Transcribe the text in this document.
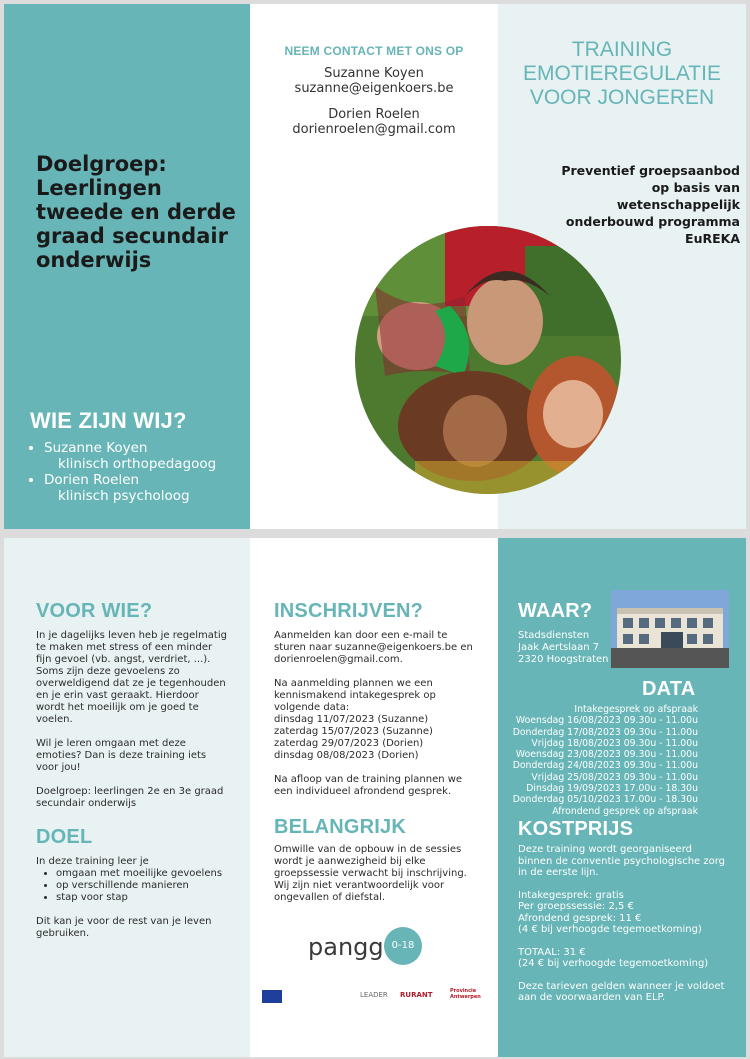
Doelgroep: Leerlingen tweede en derde graad secundair onderwijs
WIE ZIJN WIJ?
• Suzanne Koyen
klinisch orthopedagoog
• Dorien Roelen
klinisch psycholoog
NEEM CONTACT MET ONS OP
Suzanne Koyen
suzanne@eigenkoers.be
Dorien Roelen
dorienroelen@gmail.com
TRAINING
EMOTIEREGULATIE
VOOR JONGEREN
Preventief groepsaanbod
op basis van
wetenschappelijk
onderbouwd programma
EuREKA
VOOR WIE?

In je dagelijks leven heb je regelmatig te maken met stress of een minder fijn gevoel (vb. angst, verdriet, ...). Soms zijn deze gevoelens zo overweldigend dat ze je tegenhouden en je erin vast geraakt. Hierdoor wordt het moeilijk om je goed te voelen.

Wil je leren omgaan met deze emoties? Dan is deze training iets voor jou!

Doelgroep: leerlingen 2e en 3e graad secundair onderwijs

DOEL

In deze training leer je

• omgaan met moeilijke gevoelens
• op verschillende manieren
• stap voor stap

Dit kan je voor de rest van je leven gebruiken.

INSCHRIJVEN?

Aanmelden kan door een e-mail te sturen naar suzanne@eigenkoers.be en dorienroelen@gmail.com.

Na aanmelding plannen we een kennismakend intakegesprek op volgende data:

dinsdag 11/07/2023 (Suzanne)

zaterdag 15/07/2023 (Suzanne)

zaterdag 29/07/2023 (Dorien)

dinsdag 08/08/2023 (Dorien)

Na afloop van de training plannen we een individueel afrondend gesprek.

BELANGRIJK
Omwille van de opbouw in de sessies wordt je aanwezigheid bij elke groepssessie verwacht bij inschrijving. Wij zijn niet verantwoordelijk voor ongevallen of diefstal.
pangg 0-18
LEADER RURANT	Provincie Antwerpen
WAAR?
Stadsdiensten
Jaak Aertslaan 7
2320 Hoogstraten
DATA
Intakegesprek op afspraak
Woensdag 16/08/2023 09.30u - 11.00u
Donderdag 17/08/2023 09.30u - 11.00u
Vrijdag 18/08/2023 09.30u - 11.00u
Woensdag 23/08/2023 09.30u - 11.00u
Donderdag 24/08/2023 09.30u - 11.00u
Vrijdag 25/08/2023 09.30u - 11.00u
Dinsdag 19/09/2023 17.00u - 18.30u
Donderdag 05/10/2023 17.00u - 18.30u
Afrondend gesprek op afspraak
KOSTPRIJS

Deze training wordt georganiseerd binnen de conventie psychologische zorg in de eerste lijn.

Intakegesprek: gratis

Per groepssessie: 2,5 €

Afrondend gesprek: 11 €

(4 € bij verhoogde tegemoetkoming)

TOTAAL: 31 €

(24 € bij verhoogde tegemoetkoming)

Deze tarieven gelden wanneer je voldoet aan de voorwaarden van ELP.
